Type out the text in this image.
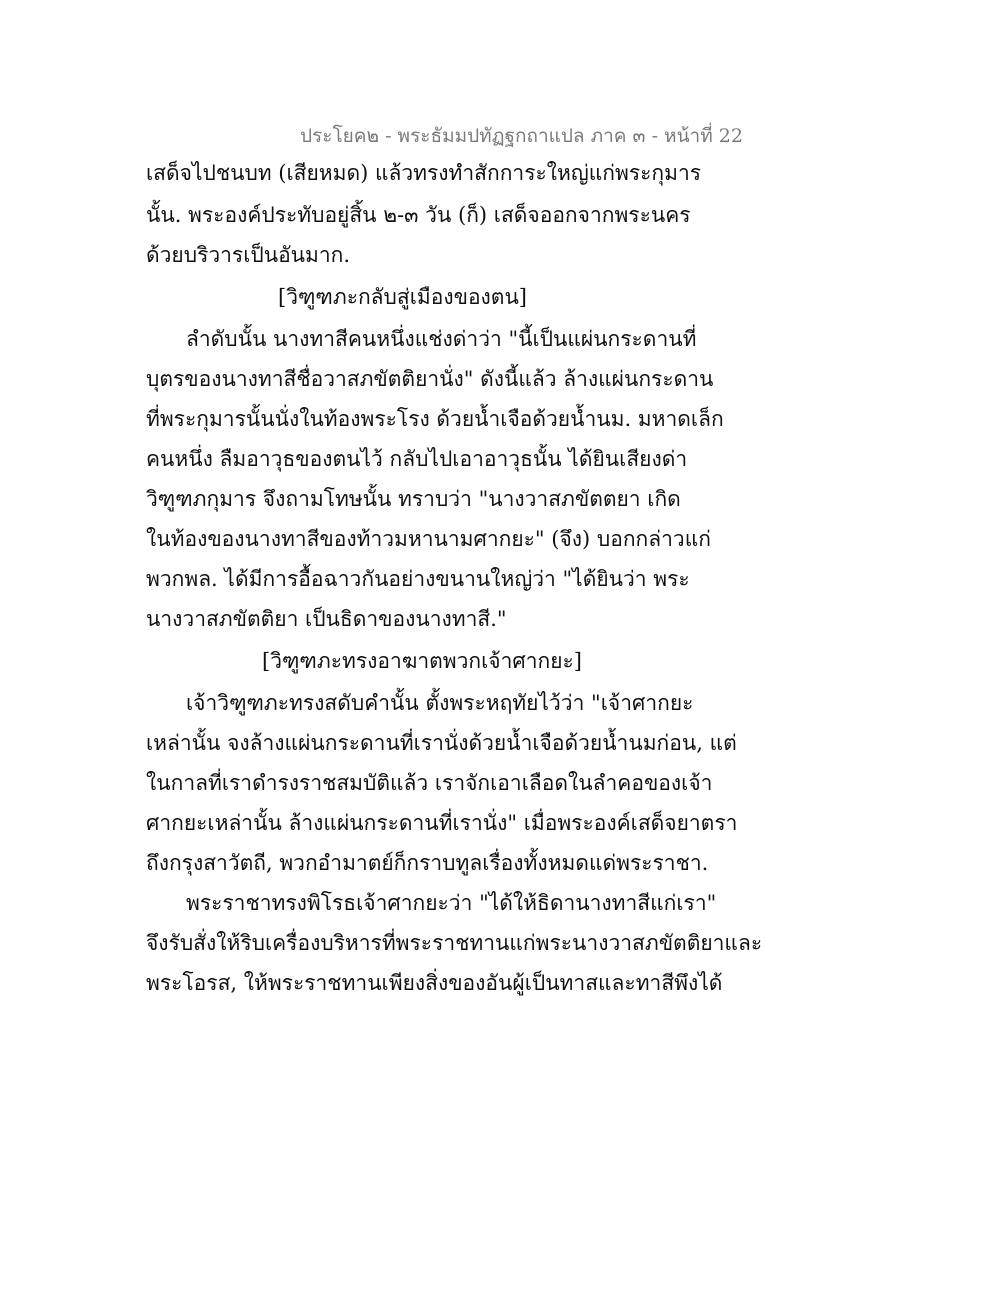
ประโยค๒ - พระธัมมปทัฏฐกถาแปล ภาค ๓ - หน้าที่ 22
เสด็จไปชนบท (เสียหมด) แล้วทรงทำสักการะใหญ่แก่พระกุมาร
นั้น. พระองค์ประทับอยู่สิ้น ๒-๓ วัน (ก็) เสด็จออกจากพระนคร
ด้วยบริวารเป็นอันมาก.
[วิฑูฑภะกลับสู่เมืองของตน]
ลำดับนั้น นางทาสีคนหนึ่งแช่งด่าว่า "นี้เป็นแผ่นกระดานที่
บุตรของนางทาสีชื่อวาสภขัตติยานั่ง" ดังนี้แล้ว ล้างแผ่นกระดาน
ที่พระกุมารนั้นนั่งในท้องพระโรง ด้วยน้ำเจือด้วยน้ำนม. มหาดเล็ก
คนหนึ่ง ลืมอาวุธของตนไว้ กลับไปเอาอาวุธนั้น ได้ยินเสียงด่า
วิฑูฑภกุมาร จึงถามโทษนั้น ทราบว่า "นางวาสภขัตตยา เกิด
ในท้องของนางทาสีของท้าวมหานามศากยะ" (จึง) บอกกล่าวแก่
พวกพล. ได้มีการอื้อฉาวกันอย่างขนานใหญ่ว่า "ได้ยินว่า พระ
นางวาสภขัตติยา เป็นธิดาของนางทาสี."
[วิฑูฑภะทรงอาฆาตพวกเจ้าศากยะ]
เจ้าวิฑูฑภะทรงสดับคำนั้น ตั้งพระหฤทัยไว้ว่า "เจ้าศากยะ
เหล่านั้น จงล้างแผ่นกระดานที่เรานั่งด้วยน้ำเจือด้วยน้ำนมก่อน, แต่
ในกาลที่เราดำรงราชสมบัติแล้ว เราจักเอาเลือดในลำคอของเจ้า
ศากยะเหล่านั้น ล้างแผ่นกระดานที่เรานั่ง" เมื่อพระองค์เสด็จยาตรา
ถึงกรุงสาวัตถี, พวกอำมาตย์ก็กราบทูลเรื่องทั้งหมดแด่พระราชา.
พระราชาทรงพิโรธเจ้าศากยะว่า "ได้ให้ธิดานางทาสีแก่เรา"
จึงรับสั่งให้ริบเครื่องบริหารที่พระราชทานแก่พระนางวาสภขัตติยาและ
พระโอรส, ให้พระราชทานเพียงสิ่งของอันผู้เป็นทาสและทาสีพึงได้
